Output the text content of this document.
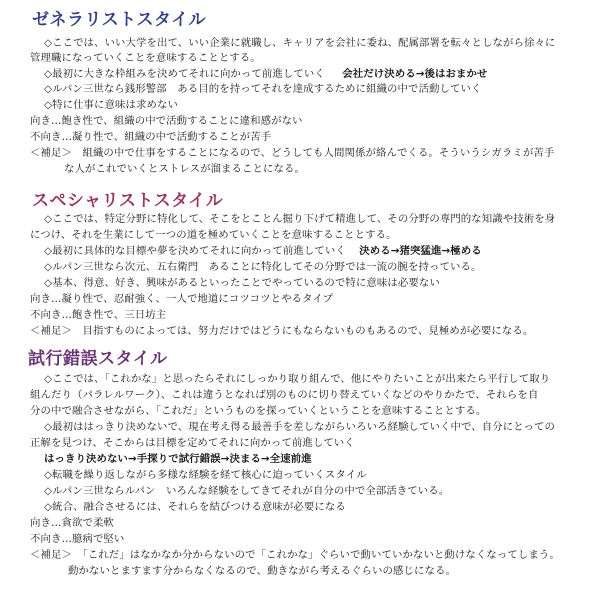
ゼネラリストスタイル
◇ここでは、いい大学を出て、いい企業に就職し、キャリアを会社に委ね、配属部署を転々としながら徐々に
管理職になっていくことを意味することとする。
◇最初に大きな枠組みを決めてそれに向かって前進していく 会社だけ決める→後はおまかせ
◇ルパン三世なら銭形警部　ある目的を持ってそれを達成するために組織の中で活動していく
◇特に仕事に意味は求めない
向き…飽き性で、組織の中で活動することに違和感がない
不向き…凝り性で、組織の中で活動することが苦手
＜補足＞　組織の中で仕事をすることになるので、どうしても人間関係が絡んでくる。そういうシガラミが苦手
な人がこれでいくとストレスが溜まることになる。
スペシャリストスタイル
◇ここでは、特定分野に特化して、そこをとことん掘り下げて精進して、その分野の専門的な知識や技術を身
につけ、それを生業にして一つの道を極めていくことを意味することとする。
◇最初に具体的な目標や夢を決めてそれに向かって前進していく 決める→猪突猛進→極める
◇ルパン三世なら次元、五右衛門　あることに特化してその分野では一流の腕を持っている。
◇基本、得意、好き、興味があるといったことでやっているので特に意味は必要ない
向き…凝り性で、忍耐強く、一人で地道にコツコツとやるタイプ
不向き…飽き性で、三日坊主
＜補足＞　目指すものによっては、努力だけではどうにもならないものもあるので、見極めが必要になる。
試行錯誤スタイル
◇ここでは、「これかな」と思ったらそれにしっかり取り組んで、他にやりたいことが出来たら平行して取り
組んだり（パラレルワーク）、これは違うとなれば別のものに切り替えていくなどのやりかたで、それらを自
分の中で融合させながら、「これだ」というものを探っていくということを意味することとする。
◇最初ははっきり決めないで、現在考え得る最善手を差しながらいろいろ経験していく中で、自分にとっての
正解を見つけ、そこからは目標を定めてそれに向かって前進していく
はっきり決めない→手探りで試行錯誤→決まる→全速前進
◇転職を繰り返しながら多様な経験を経て核心に迫っていくスタイル
◇ルパン三世ならルパン　いろんな経験をしてきてそれが自分の中で全部活きている。
◇統合、融合させるには、それらを結びつける意味が必要になる
向き…貪欲で柔軟
不向き…臆病で堅い
＜補足＞　「これだ」はなかなか分からないので「これかな」ぐらいで動いていかないと動けなくなってしまう。
動かないとますます分からなくなるので、動きながら考えるぐらいの感じになる。
